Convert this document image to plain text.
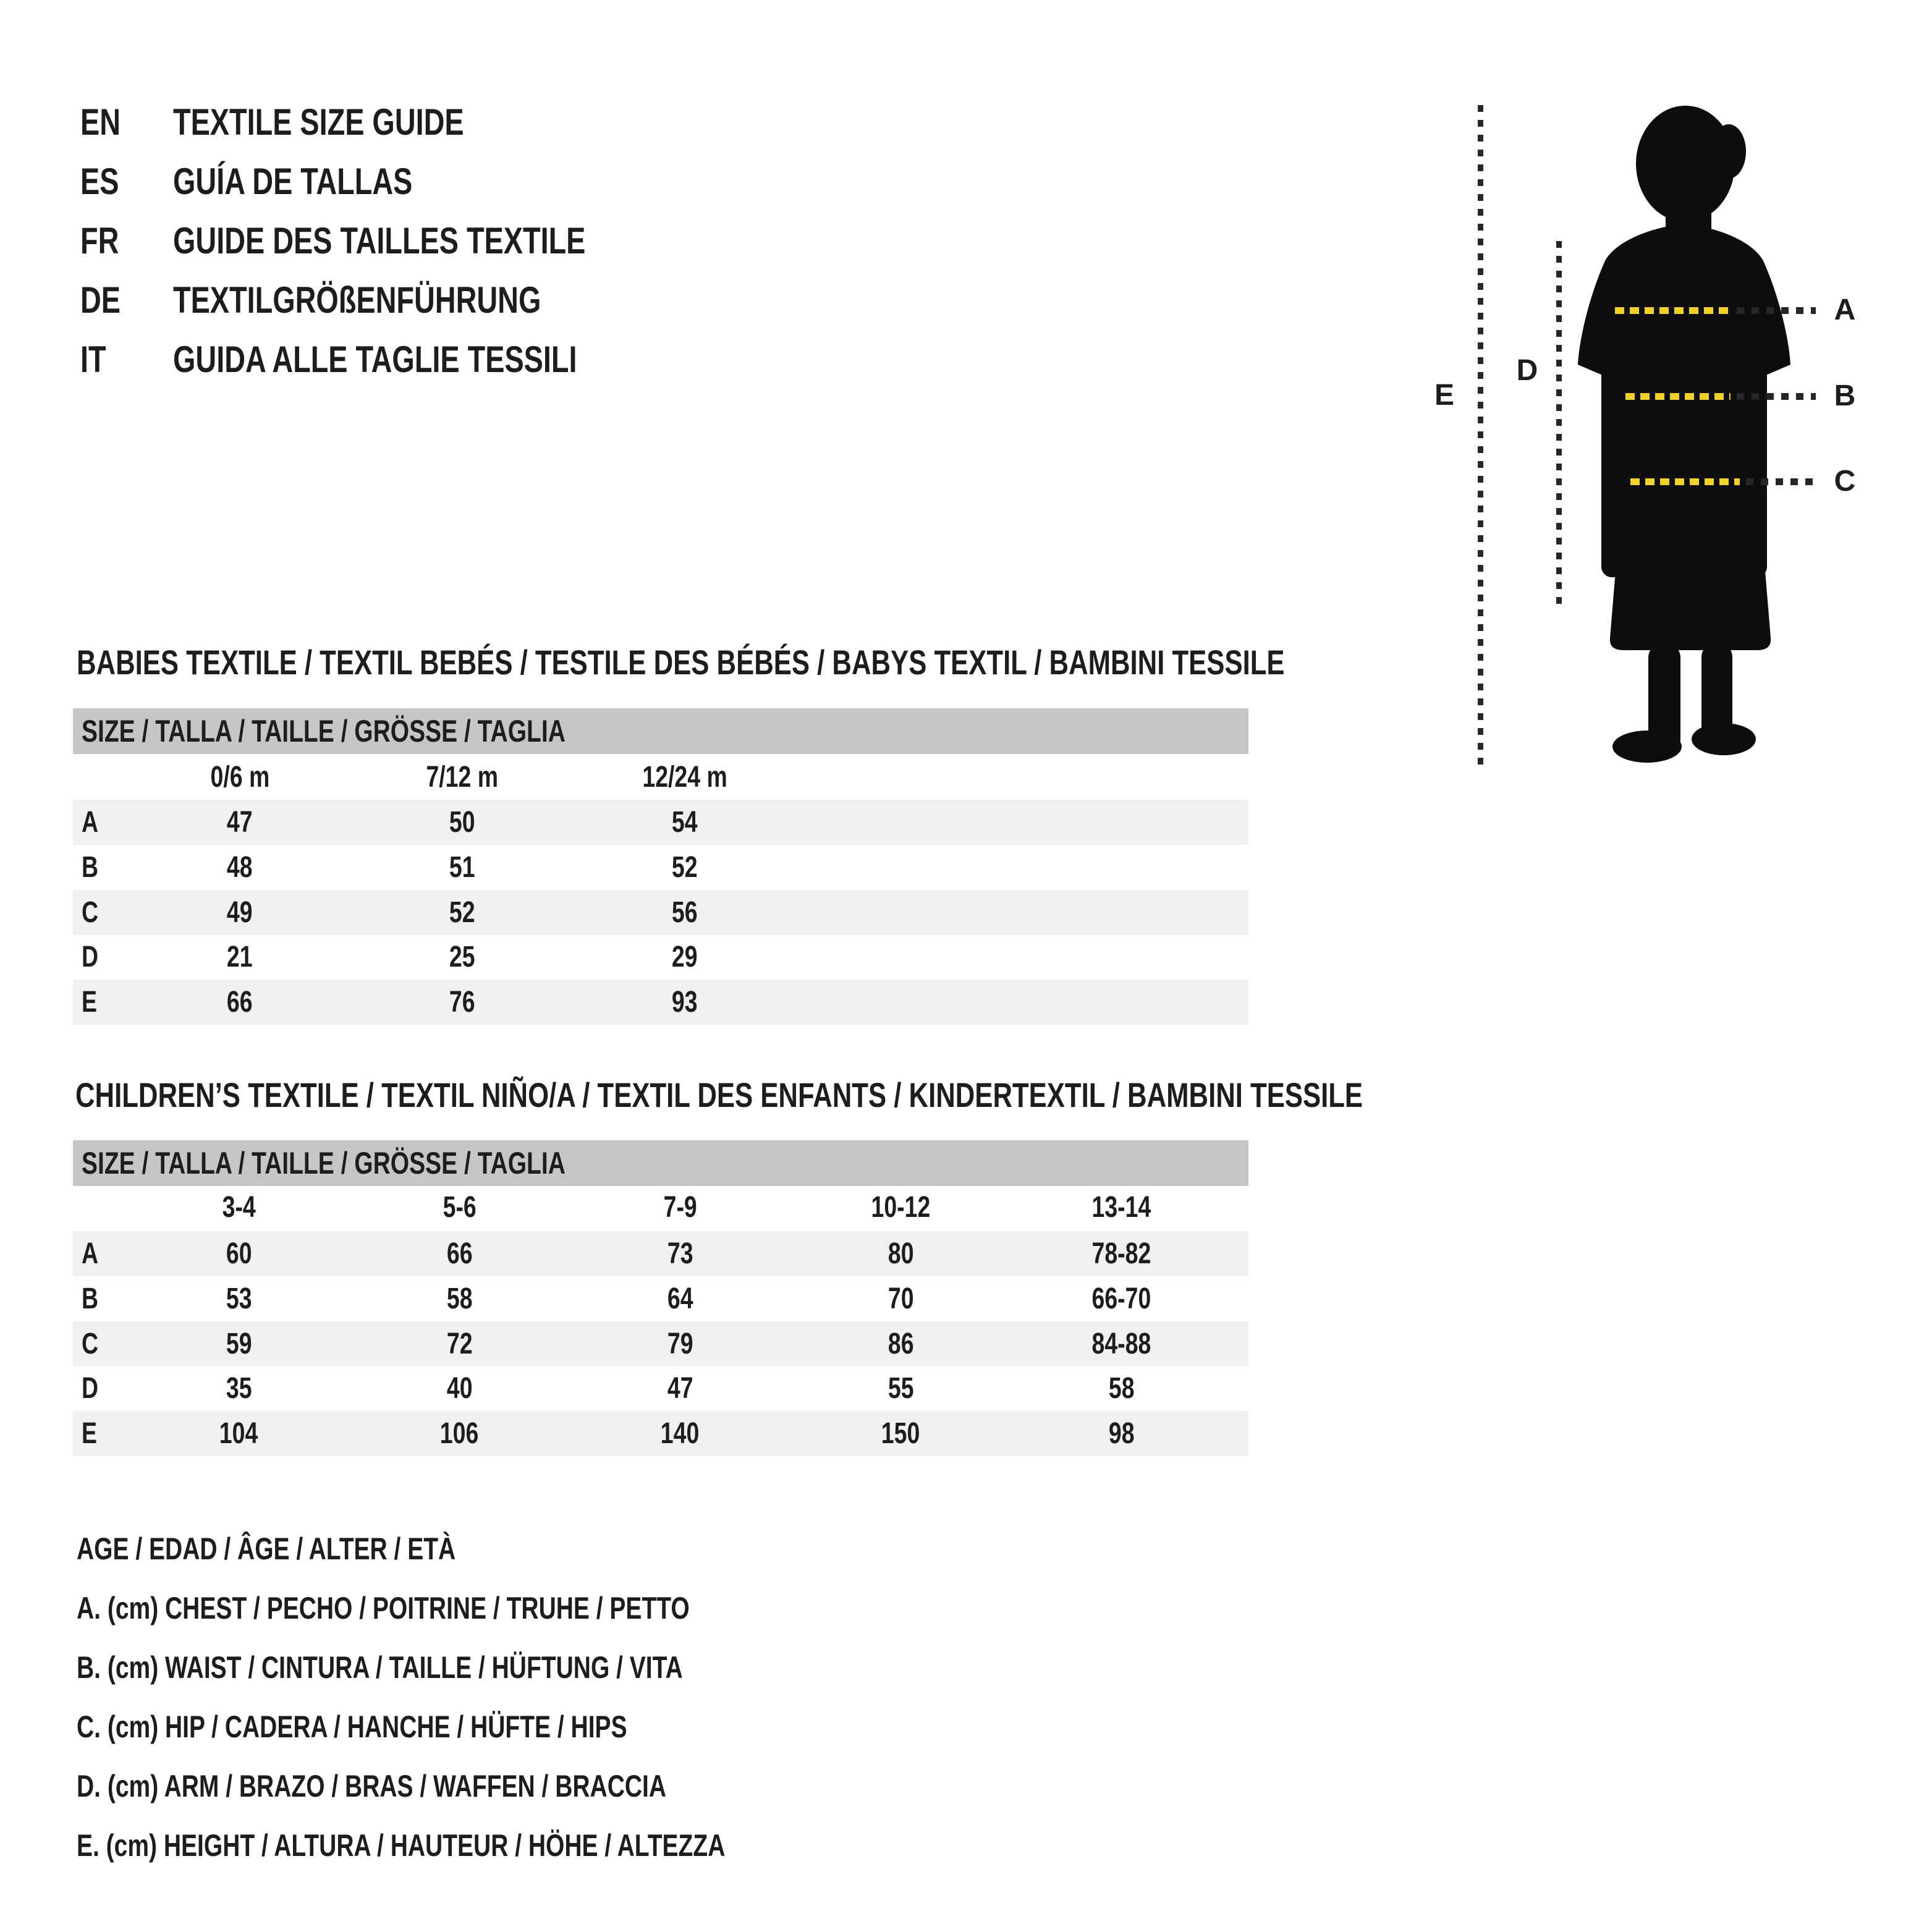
EN	TEXTILE SIZE GUIDE
ES	GUÍA DE TALLAS
FR	GUIDE DES TAILLES TEXTILE
DE	TEXTILGRÖßENFÜHRUNG
IT	GUIDA ALLE TAGLIE TESSILI
A
B
C
E
D
BABIES TEXTILE / TEXTIL BEBÉS / TESTILE DES BÉBÉS / BABYS TEXTIL / BAMBINI TESSILE
SIZE / TALLA / TAILLE / GRÖSSE / TAGLIA
0/6 m	7/12 m	12/24 m
A	47	50	54
B	48	51	52
C	49	52	56
D	21	25	29
E	66	76	93
CHILDREN’S TEXTILE / TEXTIL NIÑO/A / TEXTIL DES ENFANTS / KINDERTEXTIL / BAMBINI TESSILE
SIZE / TALLA / TAILLE / GRÖSSE / TAGLIA
3-4	5-6	7-9	10-12	13-14
A	60	66	73	80	78-82
B	53	58	64	70	66-70
C	59	72	79	86	84-88
D	35	40	47	55	58
E	104	106	140	150	98
AGE / EDAD / ÂGE / ALTER / ETÀ
A. (cm) CHEST / PECHO / POITRINE / TRUHE / PETTO
B. (cm) WAIST / CINTURA / TAILLE / HÜFTUNG / VITA
C. (cm) HIP / CADERA / HANCHE / HÜFTE / HIPS
D. (cm) ARM / BRAZO / BRAS / WAFFEN / BRACCIA
E. (cm) HEIGHT / ALTURA / HAUTEUR / HÖHE / ALTEZZA
